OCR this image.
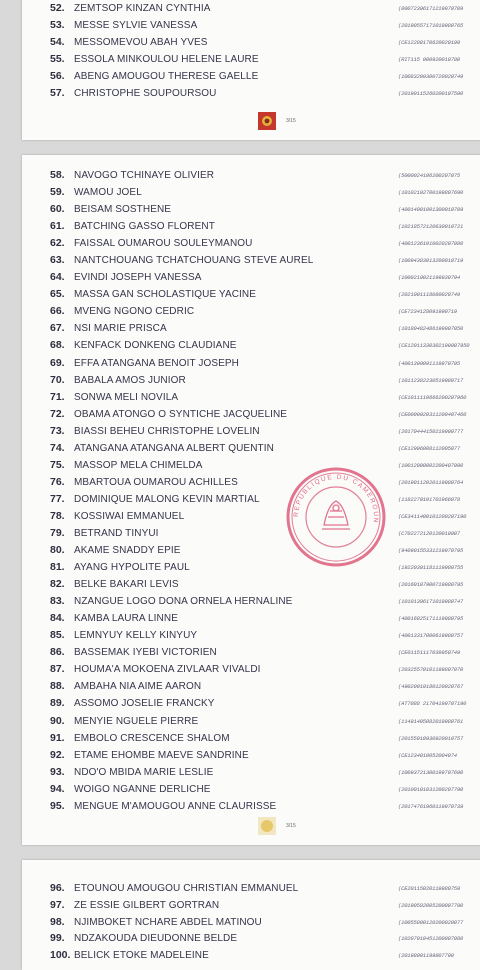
52. ZEMTSOP KINZAN CYNTHIA	(00072396171219970709
53. MESSE SYLVIE VANESSA	(20190557171019980765
54. MESSOMEVOU ABAH YVES	(CE12280170620020199
55. ESSOLA MINKOULOU HELENE LAURE	(RIT115 000920010780
56. ABENG AMOUGOU THERESE GAELLE	(10083209300720020749
57. CHRISTOPHE SOUPOURSOU	(20190115260200107590
3/15
58. NAVOGO TCHINAYE OLIVIER	(5000024106200207075
59. WAMOU JOEL	(10102192700199807690
60. BEISAM SOSTHENE	(40014001001300010709
61. BATCHING GASSO FLORENT	(10218572120630010721
62. FAISSAL OUMAROU SOULEYMANOU	(40012361010020207080
63. NANTCHOUANG TCHATCHOUANG STEVE AUREL	(10094383013200010719
64. EVINDI JOSEPH VANESSA	(1000219021199930794
65. MASSA GAN SCHOLASTIQUE YACINE	(2021001118080020749
66. MVENG NGONO CEDRIC	(CE7234128091990719
67. NSI MARIE PRISCA	(10180482486199907050
68. KENFACK DONKENG CLAUDIANE	(CE12011330302199907950
69. EFFA ATANGANA BENOIT JOSEPH	(4001399091119970795
70. BABALA AMOS JUNIOR	(10112382230519980717
71. SONWA MELI NOVILA	(CE1011110666200207960
72. OBAMA ATONGO O SYNTICHE JACQUELINE	(CE0009920311200407460
73. BIASSI BEHEU CHRISTOPHE LOVELIN	(20170444150219990777
74. ATANGANA ATANGANA ALBERT QUENTIN	(CE12906008112005077
75. MASSOP MELA CHIMELDA	(10012000002200407990
76. MBARTOUA OUMAROU ACHILLES	(20190112020119980764
77. DOMINIQUE MALONG KEVIN MARTIAL	(1182270101701966078
78. KOSSIWAI EMMANUEL	(CE3411400101200207190
79. BETRAND TINYUI	(C702272120120019907
80. AKAME SNADDY EPIE	(94090155331219970795
81. AYANG HYPOLITE PAUL	(19220391181119980755
82. BELKE BAKARI LEVIS	(20160107900719980795
83. NZANGUE LOGO DONA ORNELA HERNALINE	(10101396171019980747
84. KAMBA LAURA LINNE	(40016825171119980795
85. LEMNYUY KELLY KINYUY	(40013317000619980757
86. BASSEMAK IYEBI VICTORIEN	(CE01151117039950749
87. HOUMA'A MOKOENA ZIVLAAR VIVALDI	(20325570101199807070
88. AMBAHA NIA AIME AARON	(49020019180120020767
89. ASSOMO JOSELIE FRANCKY	(AT7088 21704199707190
90. MENYIE NGUELE PIERRE	(11491405082019980761
91. EMBOLO CRESCENCE SHALOM	(20155010930920010757
92. ETAME EHOMBE MAEVE SANDRINE	(CE1234010052004074
93. NDO'O MBIDA MARIE LESLIE	(10093721300199707690
94. WOIGO NGANNE DERLICHE	(20100101031200207790
95. MENGUE M'AMOUGOU ANNE CLAURISSE	(20174761960119970739
REPUBLIQUE DU CAMEROUN
3/15
96. ETOUNOU AMOUGOU CHRISTIAN EMMANUEL	(CE20115020119980759
97. ZE ESSIE GILBERT GORTRAN	(20190582005200007790
98. NJIMBOKET NCHARE ABDEL MATINOU	(10055800120200020077
99. NDZAKOUDA DIEUDONNE BELDE	(10207010451200007980
100. BELICK ETOKE MADELEINE	(20198001199807790
